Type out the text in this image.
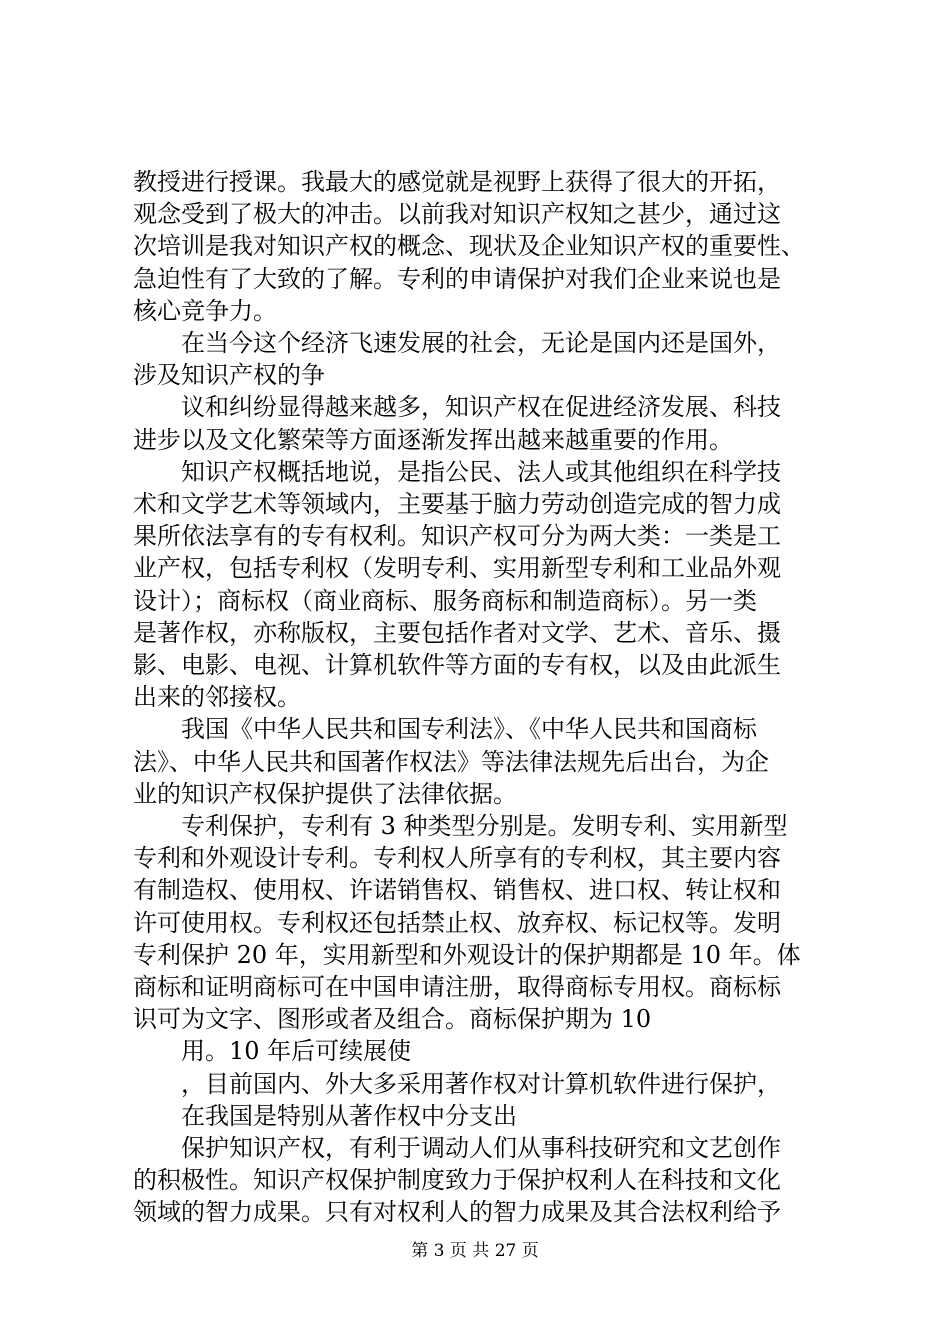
教授进行授课。我最大的感觉就是视野上获得了很大的开拓，
观念受到了极大的冲击。以前我对知识产权知之甚少，通过这
次培训是我对知识产权的概念、现状及企业知识产权的重要性、
急迫性有了大致的了解。专利的申请保护对我们企业来说也是
核心竞争力。
在当今这个经济飞速发展的社会，无论是国内还是国外，
涉及知识产权的争
议和纠纷显得越来越多，知识产权在促进经济发展、科技
进步以及文化繁荣等方面逐渐发挥出越来越重要的作用。
知识产权概括地说，是指公民、法人或其他组织在科学技
术和文学艺术等领域内，主要基于脑力劳动创造完成的智力成
果所依法享有的专有权利。知识产权可分为两大类：一类是工
业产权，包括专利权（发明专利、实用新型专利和工业品外观
设计）；商标权（商业商标、服务商标和制造商标）。另一类
是著作权，亦称版权，主要包括作者对文学、艺术、音乐、摄
影、电影、电视、计算机软件等方面的专有权，以及由此派生
出来的邻接权。
我国《中华人民共和国专利法》、《中华人民共和国商标
法》、中华人民共和国著作权法》等法律法规先后出台，为企
业的知识产权保护提供了法律依据。
专利保护，专利有 3 种类型分别是。发明专利、实用新型
专利和外观设计专利。专利权人所享有的专利权，其主要内容
有制造权、使用权、许诺销售权、销售权、进口权、转让权和
许可使用权。专利权还包括禁止权、放弃权、标记权等。发明
专利保护 20 年，实用新型和外观设计的保护期都是 10 年。体
商标和证明商标可在中国申请注册，取得商标专用权。商标标
识可为文字、图形或者及组合。商标保护期为 10
用。10 年后可续展使
，目前国内、外大多采用著作权对计算机软件进行保护，
在我国是特别从著作权中分支出
保护知识产权，有利于调动人们从事科技研究和文艺创作
的积极性。知识产权保护制度致力于保护权利人在科技和文化
领域的智力成果。只有对权利人的智力成果及其合法权利给予
第 3 页 共 27 页
